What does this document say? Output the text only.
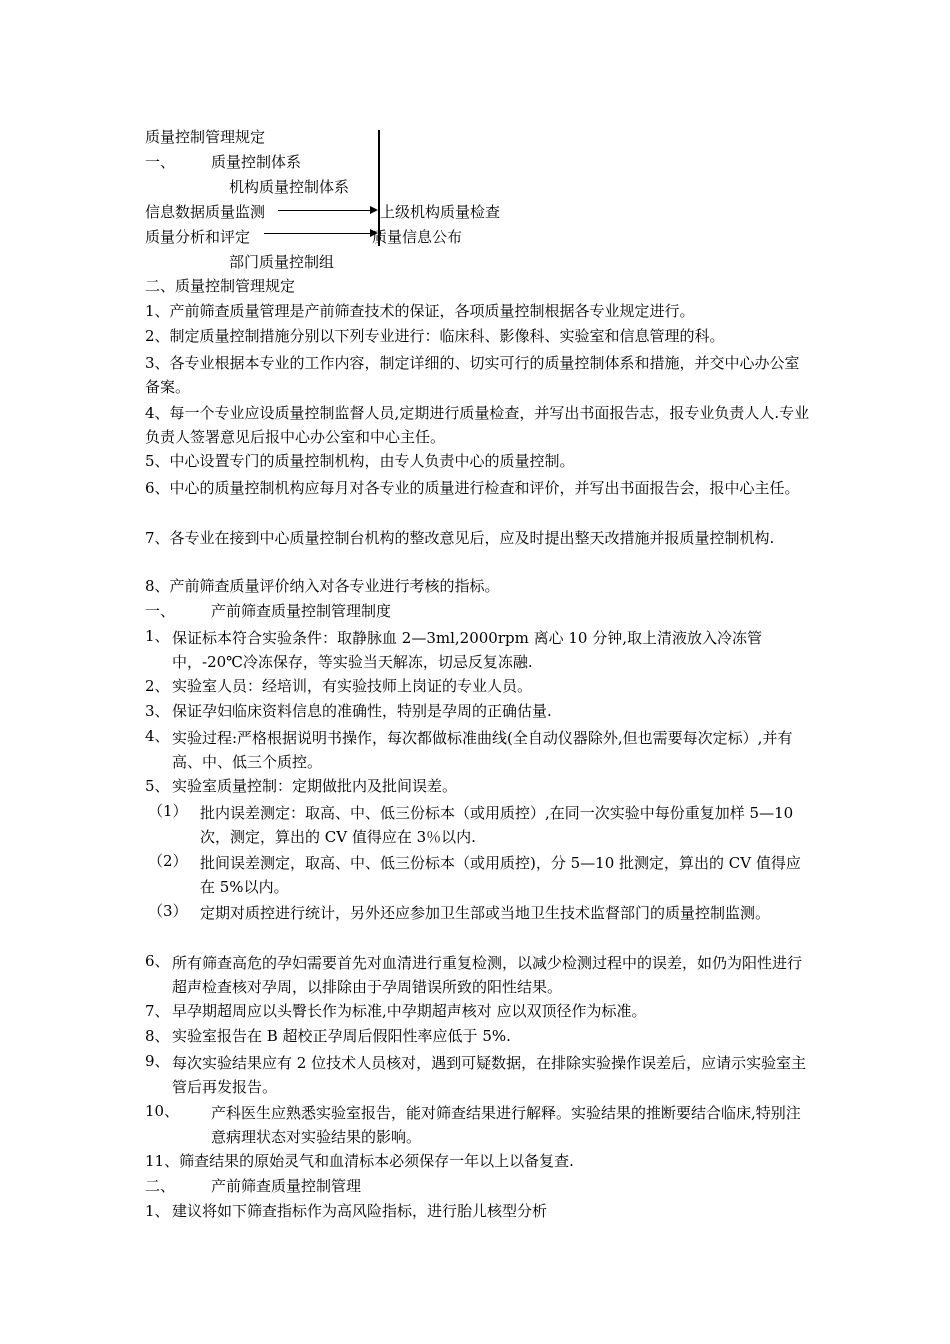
质量控制管理规定
一、 质量控制体系
机构质量控制体系
信息数据质量监测	上级机构质量检查
质量分析和评定	质量信息公布
部门质量控制组
二、质量控制管理规定
1、产前筛查质量管理是产前筛查技术的保证，各项质量控制根据各专业规定进行。
2、制定质量控制措施分别以下列专业进行：临床科、影像科、实验室和信息管理的科。
3、各专业根据本专业的工作内容，制定详细的、切实可行的质量控制体系和措施，并交中心办公室备案。
4、每一个专业应设质量控制监督人员,定期进行质量检查，并写出书面报告志，报专业负责人人.专业负责人签署意见后报中心办公室和中心主任。
5、中心设置专门的质量控制机构，由专人负责中心的质量控制。
6、中心的质量控制机构应每月对各专业的质量进行检查和评价，并写出书面报告会，报中心主任。
7、各专业在接到中心质量控制台机构的整改意见后，应及时提出整天改措施并报质量控制机构.
8、产前筛查质量评价纳入对各专业进行考核的指标。
一、 产前筛查质量控制管理制度
1、 保证标本符合实验条件：取静脉血 2—3ml,2000rpm 离心 10 分钟,取上清液放入冷冻管中，-20℃冷冻保存，等实验当天解冻，切忌反复冻融.
2、 实验室人员：经培训，有实验技师上岗证的专业人员。
3、 保证孕妇临床资料信息的准确性，特别是孕周的正确估量.
4、 实验过程:严格根据说明书操作，每次都做标准曲线(全自动仪器除外,但也需要每次定标）,并有高、中、低三个质控。
5、 实验室质量控制：定期做批内及批间误差。
（1） 批内误差测定：取高、中、低三份标本（或用质控）,在同一次实验中每份重复加样 5—10 次，测定，算出的 CV 值得应在 3％以内.
（2） 批间误差测定，取高、中、低三份标本（或用质控)，分 5—10 批测定，算出的 CV 值得应在 5%以内。
（3） 定期对质控进行统计，另外还应参加卫生部或当地卫生技术监督部门的质量控制监测。
6、 所有筛查高危的孕妇需要首先对血清进行重复检测，以减少检测过程中的误差，如仍为阳性进行超声检查核对孕周，以排除由于孕周错误所致的阳性结果。
7、 早孕期超周应以头臀长作为标准,中孕期超声核对 应以双顶径作为标准。
8、 实验室报告在 B 超校正孕周后假阳性率应低于 5%.
9、 每次实验结果应有 2 位技术人员核对，遇到可疑数据，在排除实验操作误差后，应请示实验室主管后再发报告。
10、 产科医生应熟悉实验室报告，能对筛查结果进行解释。实验结果的推断要结合临床,特别注意病理状态对实验结果的影响。
11、筛查结果的原始灵气和血清标本必须保存一年以上以备复查.
二、 产前筛查质量控制管理
1、 建议将如下筛查指标作为高风险指标，进行胎儿核型分析
